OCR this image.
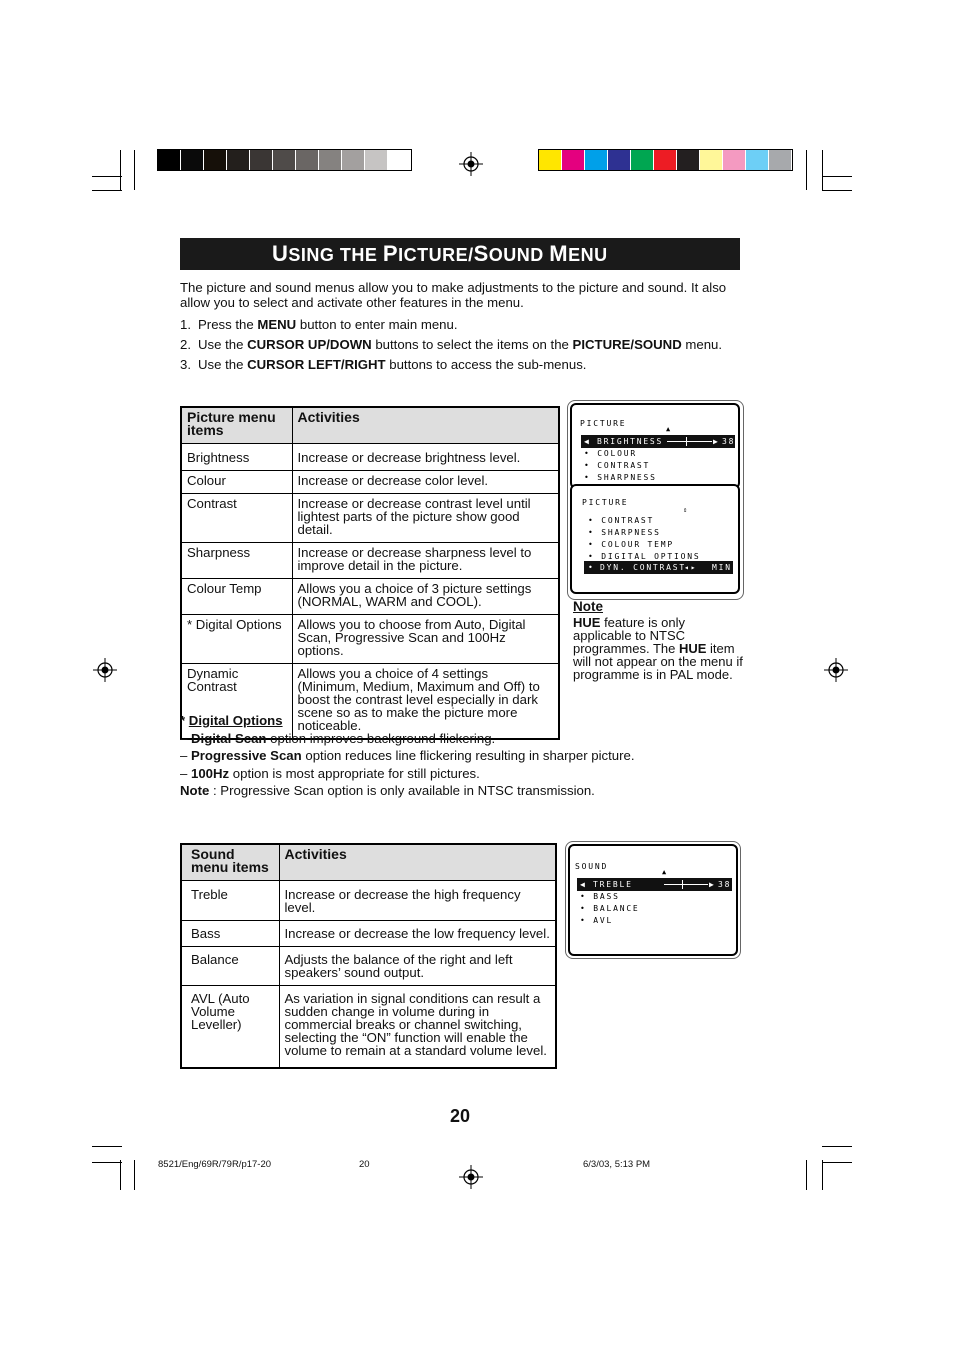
USING THE PICTURE/SOUND MENU
The picture and sound menus allow you to make adjustments to the picture and sound. It also allow you to select and activate other features in the menu.
1. Press the MENU button to enter main menu.
2. Use the CURSOR UP/DOWN buttons to select the items on the PICTURE/SOUND menu.
3. Use the CURSOR LEFT/RIGHT buttons to access the sub-menus.
Picture menu items	Activities
Brightness	Increase or decrease brightness level.
Colour	Increase or decrease color level.
Contrast	Increase or decrease contrast level until lightest parts of the picture show good detail.
Sharpness	Increase or decrease sharpness level to improve detail in the picture.
Colour Temp	Allows you a choice of 3 picture settings (NORMAL, WARM and COOL).
* Digital Options	Allows you to choose from Auto, Digital Scan, Progressive Scan and 100Hz options.
Dynamic Contrast	Allows you a choice of 4 settings (Minimum, Medium, Maximum and Off) to boost the contrast level especially in dark scene so as to make the picture more noticeable.
PICTURE
▲
◀ BRIGHTNESS	▶ 38
• COLOUR
• CONTRAST
• SHARPNESS
PICTURE
⇕
• CONTRAST
• SHARPNESS
• COLOUR TEMP
• DIGITAL OPTIONS
• DYN. CONTRAST
◂▸ MIN
Note
HUE feature is only applicable to NTSC programmes. The HUE item will not appear on the menu if programme is in PAL mode.
* Digital Options
– Digital Scan option improves background flickering.
– Progressive Scan option reduces line flickering resulting in sharper picture.
– 100Hz option is most appropriate for still pictures.
Note : Progressive Scan option is only available in NTSC transmission.
Sound menu items	Activities
Treble	Increase or decrease the high frequency level.
Bass	Increase or decrease the low frequency level.
Balance	Adjusts the balance of the right and left speakers’ sound output.
AVL (Auto Volume Leveller)	As variation in signal conditions can result a sudden change in volume during in commercial breaks or channel switching, selecting the “ON” function will enable the volume to remain at a standard volume level.
SOUND
▲
◀ TREBLE	▶ 38
• BASS
• BALANCE
• AVL
20
8521/Eng/69R/79R/p17-20	20	6/3/03, 5:13 PM
